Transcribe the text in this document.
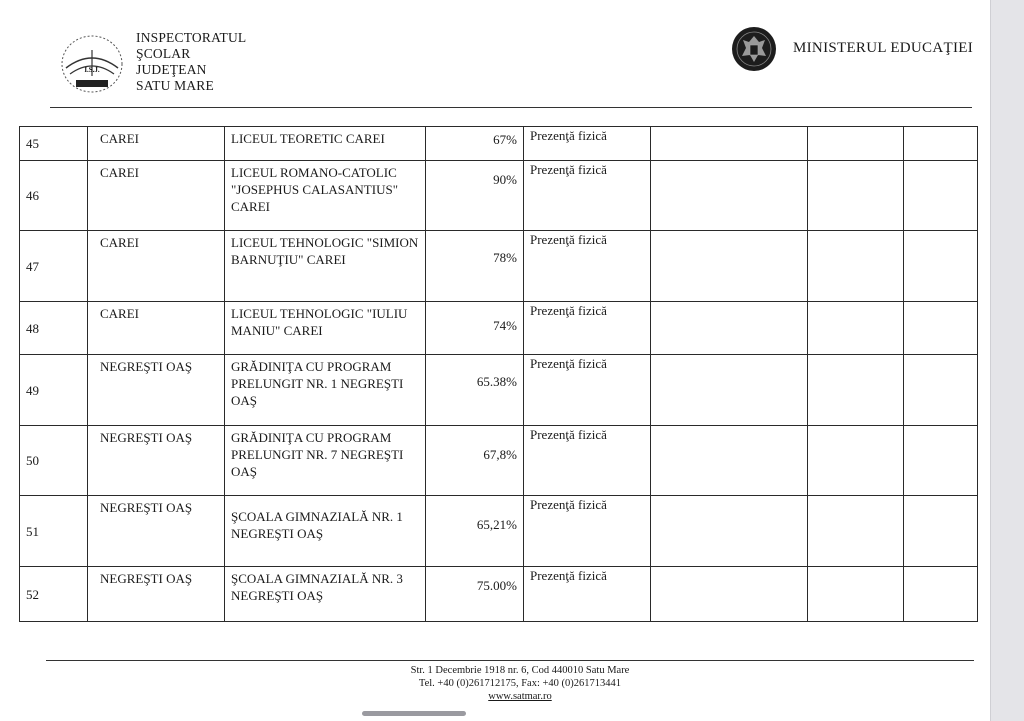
I.S.J.
INSPECTORATUL
ŞCOLAR
JUDEŢEAN
SATU MARE
MINISTERUL EDUCAŢIEI
45	CAREI	LICEUL TEORETIC CAREI	67%	Prezenţă fizică			
46	CAREI	LICEUL ROMANO-CATOLIC "JOSEPHUS CALASANTIUS" CAREI	90%	Prezenţă fizică			
47	CAREI	LICEUL TEHNOLOGIC "SIMION BARNUŢIU" CAREI	78%	Prezenţă fizică			
48	CAREI	LICEUL TEHNOLOGIC "IULIU MANIU" CAREI	74%	Prezenţă fizică			
49	NEGREŞTI OAŞ	GRĂDINIŢA CU PROGRAM PRELUNGIT NR. 1 NEGREŞTI OAŞ	65.38%	Prezenţă fizică			
50	NEGREŞTI OAŞ	GRĂDINIŢA CU PROGRAM PRELUNGIT NR. 7 NEGREŞTI OAŞ	67,8%	Prezenţă fizică			
51	NEGREŞTI OAŞ	ŞCOALA GIMNAZIALĂ NR. 1 NEGREŞTI OAŞ	65,21%	Prezenţă fizică			
52	NEGREŞTI OAŞ	ŞCOALA GIMNAZIALĂ NR. 3 NEGREŞTI OAŞ	75.00%	Prezenţă fizică			
Str. 1 Decembrie 1918 nr. 6, Cod 440010 Satu Mare
Tel. +40 (0)261712175, Fax: +40 (0)261713441
www.satmar.ro
